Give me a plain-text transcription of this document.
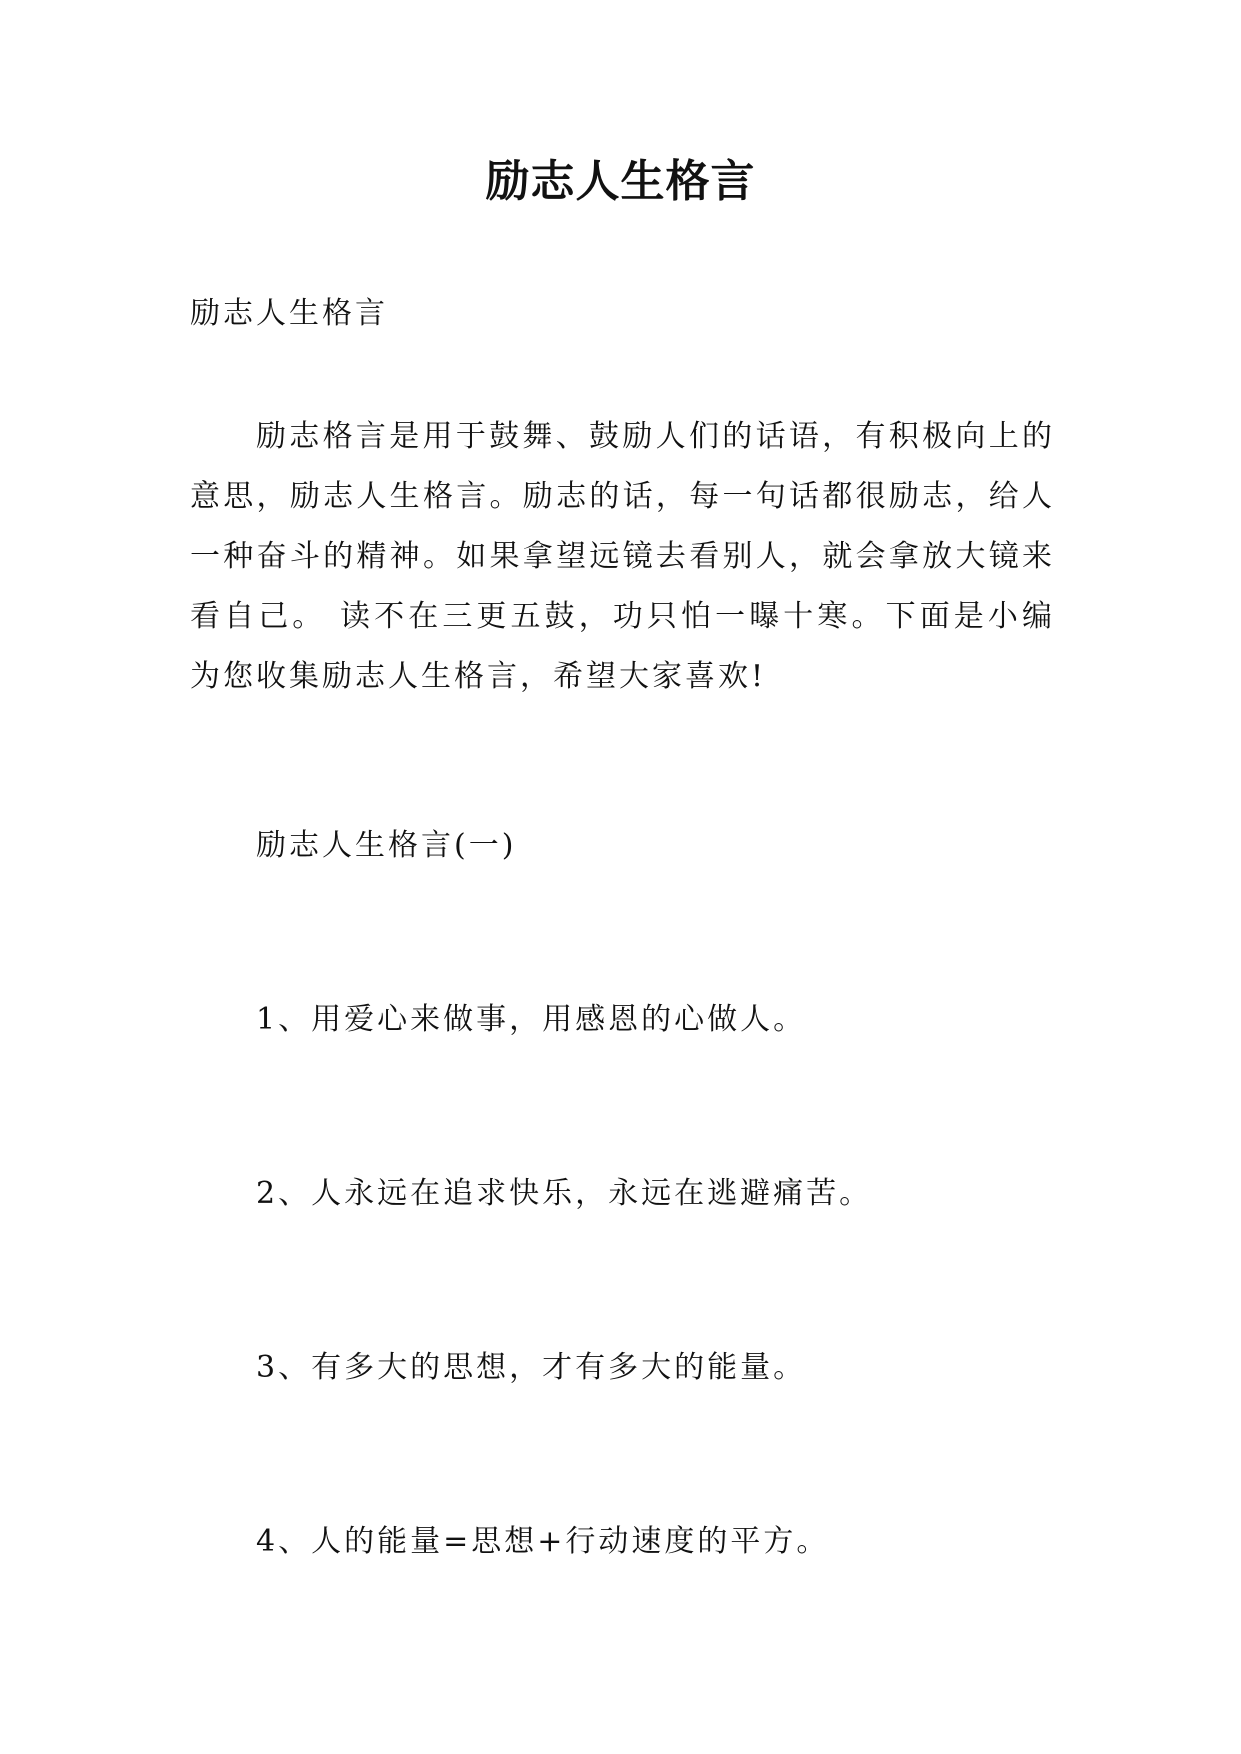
励志人生格言

励志人生格言

励志格言是用于鼓舞、鼓励人们的话语，有积极向上的意思，励志人生格言。励志的话，每一句话都很励志，给人一种奋斗的精神。如果拿望远镜去看别人，就会拿放大镜来看自己。 读不在三更五鼓，功只怕一曝十寒。下面是小编为您收集励志人生格言，希望大家喜欢!

励志人生格言(一)

1、用爱心来做事，用感恩的心做人。

2、人永远在追求快乐，永远在逃避痛苦。

3、有多大的思想，才有多大的能量。

4、人的能量=思想+行动速度的平方。
